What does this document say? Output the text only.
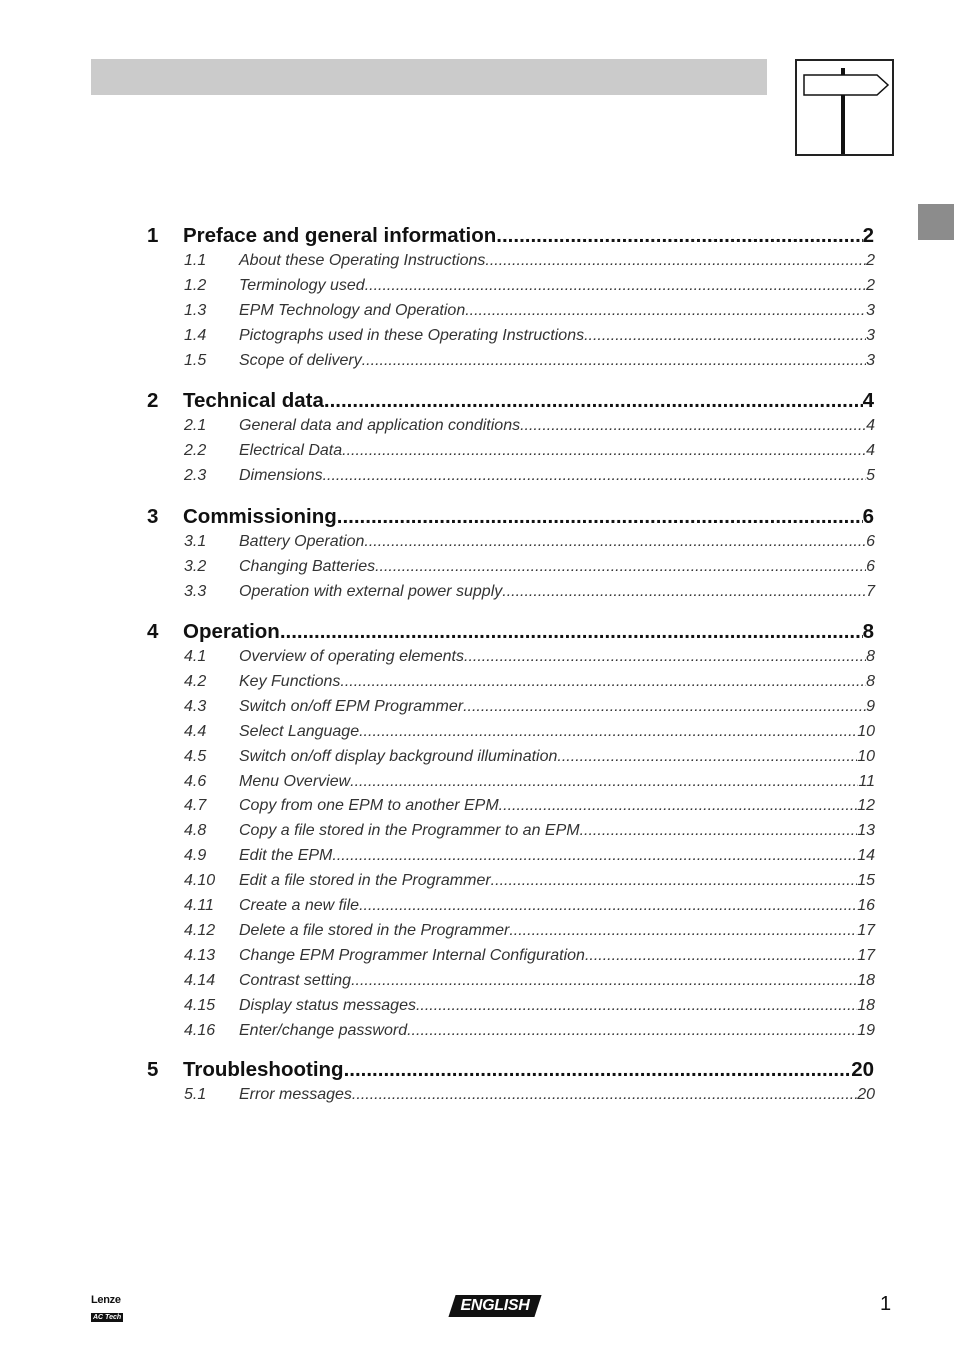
1 Preface and general information .....	2
1.1 About these Operating Instructions .....	2
1.2 Terminology used .....	2
1.3 EPM Technology and Operation .....	3
1.4 Pictographs used in these Operating Instructions .....	3
1.5 Scope of delivery .....	3
2 Technical data .....	4
2.1 General data and application conditions .....	4
2.2 Electrical Data .....	4
2.3 Dimensions .....	5
3 Commissioning .....	6
3.1 Battery Operation .....	6
3.2 Changing Batteries .....	6
3.3 Operation with external power supply .....	7
4 Operation .....	8
4.1 Overview of operating elements .....	8
4.2 Key Functions .....	8
4.3 Switch on/off EPM Programmer .....	9
4.4 Select Language .....	10
4.5 Switch on/off display background illumination .....	10
4.6 Menu Overview .....	11
4.7 Copy from one EPM to another EPM .....	12
4.8 Copy a file stored in the Programmer to an EPM .....	13
4.9 Edit the EPM .....	14
4.10 Edit a file stored in the Programmer .....	15
4.11 Create a new file .....	16
4.12 Delete a file stored in the Programmer .....	17
4.13 Change EPM Programmer Internal Configuration .....	17
4.14 Contrast setting .....	18
4.15 Display status messages .....	18
4.16 Enter/change password .....	19
5 Troubleshooting .....	20
5.1 Error messages .....	20
Lenze
AC Tech
ENGLISH	1
